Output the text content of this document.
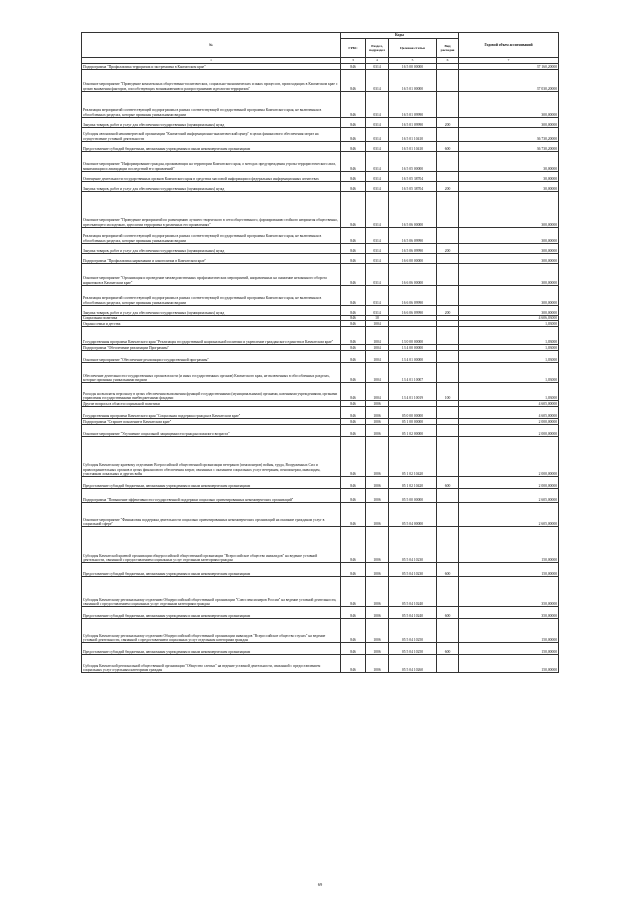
№	Коды				Годовой объем ассигнований
	ГРБС	Раздел, подраздел	Целевая статья	Вид расходов	
1	3	4	5	6	7
Подпрограмма "Профилактика терроризма и экстремизма в Камчатском крае"	846	0314	16 5 00 00000		37 160,20000
Основное мероприятие "Проведение комплексных общественно-политических, социально-экономических и иных процессов, происходящих в Камчатском крае с целью выявления факторов, способствующих возникновению и распространению идеологии терроризма"	846	0314	16 5 01 00000		37 030,20000
Реализация мероприятий соответствующей подпрограммы в рамках соответствующей государственной программы Камчатского края, не включенная в обособленных разделах, которые признаны уникальными видами	846	0314	16 5 01 09990		300,00000
Закупка товаров, работ и услуг для обеспечения государственных (муниципальных) нужд	846	0314	16 5 01 09990	200	300,00000
Субсидия автономной некоммерческой организации "Камчатский информационно-аналитический центр" в целях финансового обеспечения затрат на осуществление уставной деятельности	846	0314	16 5 01 10410		36 730,20000
Предоставление субсидий бюджетным, автономным учреждениям и иным некоммерческим организациям	846	0314	16 5 01 10410	600	36 730,20000
Основное мероприятие "Информирование граждан, проживающих на территории Камчатского края, о методах предупреждения угрозы террористического акта, минимизации и ликвидации последствий его проявлений"	846	0314	16 5 05 00000		30,00000
Освещение деятельности государственных органов Камчатского края в средствах массовой информации и федеральных информационных агентствах	846	0314	16 5 05 38704		30,00000
Закупка товаров, работ и услуг для обеспечения государственных (муниципальных) нужд	846	0314	16 5 05 38704	200	30,00000
Основное мероприятие "Проведение мероприятий по размещению лучшего творческого в сети общественного, формированию стойкого неприятия общественно, пресекающего молодежью, идеологии терроризма в различных его проявлениях"	846	0314	16 5 06 00000		300,00000
Реализация мероприятий соответствующей подпрограммы в рамках соответствующей государственной программы Камчатского края, не включенная в обособленных разделах, которые признаны уникальными видами	846	0314	16 5 06 09990		300,00000
Закупка товаров, работ и услуг для обеспечения государственных (муниципальных) нужд	846	0314	16 5 06 09990	200	300,00000
Подпрограмма "Профилактика наркомании и алкоголизма в Камчатском крае"	846	0314	16 6 00 00000		300,00000
Основное мероприятие "Организация и проведение межведомственных профилактических мероприятий, направленных на снижение незаконного оборота наркотиков в Камчатском крае"	846	0314	16 6 06 00000		300,00000
Реализация мероприятий соответствующей подпрограммы в рамках соответствующей государственной программы Камчатского края, не включенная в обособленных разделах, которые признаны уникальными видами	846	0314	16 6 06 09990		300,00000
Закупка товаров, работ и услуг для обеспечения государственных (муниципальных) нужд	846	0314	16 6 06 09990	200	300,00000
Социальная политика	846	10			4 606,03000
Охрана семьи и детства	846	1004			1,03000
Государственная программа Камчатского края "Реализация государственной национальной политики и укрепление гражданского единства в Камчатском крае"	846	1004	13 0 00 00000		1,03000
Подпрограмма "Обеспечение реализации Программы"	846	1004	13 4 00 00000		1,03000
Основное мероприятие "Обеспечение реализации государственной программы"	846	1004	13 4 01 00000		1,03000
Обеспечение деятельности государственных органов власти (и иных государственных органов) Камчатского края, не включенных в обособленных разделах, которые признаны уникальными видами	846	1004	13 4 01 10007		1,03000
Расходы на выплаты персоналу в целях обеспечения выполнения функций государственными (муниципальными) органами, казенными учреждениями, органами управления государственными внебюджетными фондами	846	1004	13 4 01 10019	100	1,03000
Другие вопросы в области социальной политики	846	1006			4 605,00000
Государственная программа Камчатского края "Социальная поддержка граждан в Камчатском крае"	846	1006	05 0 00 00000		4 605,00000
Подпрограмма "Старшее поколение в Камчатском крае"	846	1006	05 1 00 00000		2 000,00000
Основное мероприятие "Улучшение социальной защищенности граждан пожилого возраста"	846	1006	05 1 02 00000		2 000,00000
Субсидия Камчатскому краевому отделению Всероссийской общественной организации ветеранов (пенсионеров) войны, труда, Вооруженных Сил и правоохранительных органов в целях финансового обеспечения затрат, связанных с оказанием социальных услуг ветеранам, пенсионерам, инвалидам, участникам локальных и других войн	846	1006	05 1 02 10420		2 000,00000
Предоставление субсидий бюджетным, автономным учреждениям и иным некоммерческим организациям	846	1006	05 1 02 10420	600	2 000,00000
Подпрограмма "Повышение эффективности государственной поддержки социально ориентированных некоммерческих организаций"	846	1006	05 5 00 00000		2 605,00000
Основное мероприятие "Финансовая поддержка деятельности социально ориентированных некоммерческих организаций на оказание гражданам услуг в социальной сфере"	846	1006	05 5 04 00000		2 605,00000
Субсидия Камчатской краевой организации общероссийской общественной организации "Всероссийское общество инвалидов" на ведение уставной деятельности, связанной с предоставлением социальных услуг отдельным категориям граждан	846	1006	05 5 04 10230		150,00000
Предоставление субсидий бюджетным, автономным учреждениям и иным некоммерческим организациям	846	1006	05 5 04 10230	600	150,00000
Субсидия Камчатскому региональному отделению Общероссийской общественной организации "Союз пенсионеров России" на ведение уставной деятельности, связанной с предоставлением социальных услуг отдельным категориям граждан	846	1006	05 5 04 10240		350,00000
Предоставление субсидий бюджетным, автономным учреждениям и иным некоммерческим организациям	846	1006	05 5 04 10240	600	350,00000
Субсидия Камчатскому региональному отделению Общероссийской общественной организации инвалидов "Всероссийское общество глухих" на ведение уставной деятельности, связанной с предоставлением социальных услуг отдельным категориям граждан	846	1006	05 5 04 10250		150,00000
Предоставление субсидий бюджетным, автономным учреждениям и иным некоммерческим организациям	846	1006	05 5 04 10250	600	150,00000
Субсидия Камчатской региональной общественной организации "Общество слепых" на ведение уставной деятельности, связанной с предоставлением социальных услуг отдельным категориям граждан	846	1006	05 5 04 10260		150,00000
69
